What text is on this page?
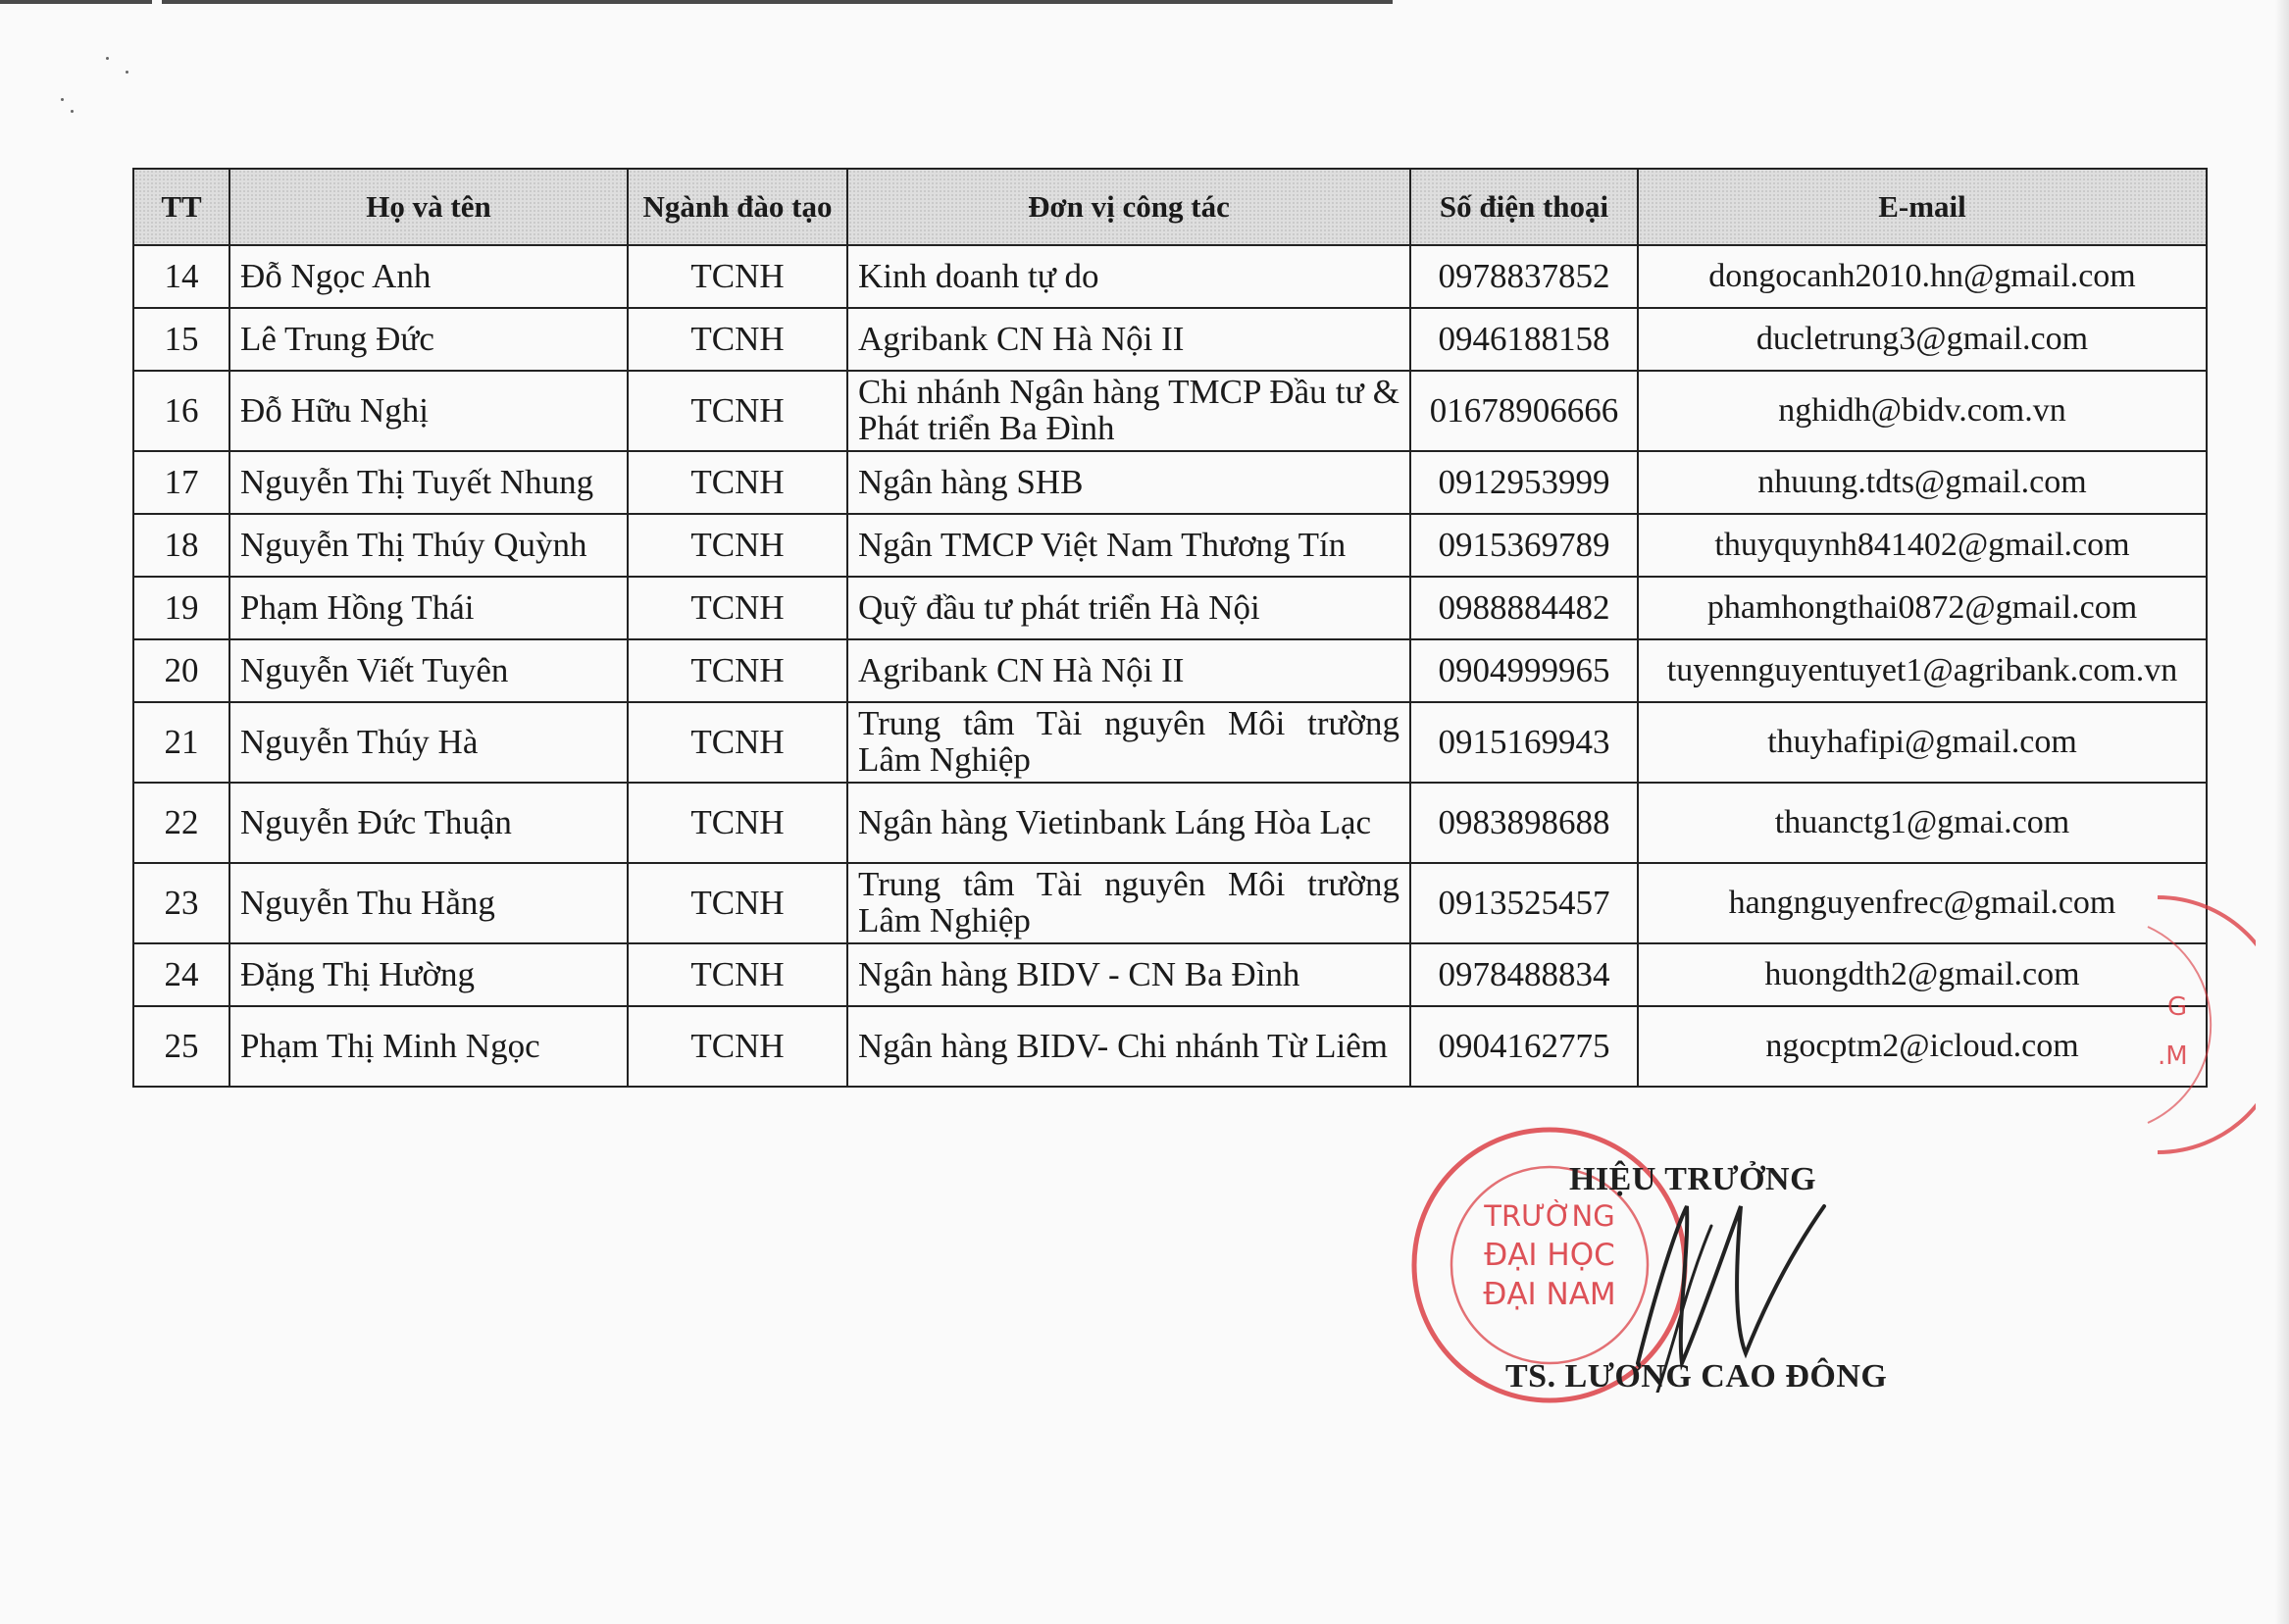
TT	Họ và tên	Ngành đào tạo	Đơn vị công tác	Số điện thoại	E-mail
14	Đỗ Ngọc Anh	TCNH	Kinh doanh tự do	0978837852	dongocanh2010.hn@gmail.com
15	Lê Trung Đức	TCNH	Agribank CN Hà Nội II	0946188158	ducletrung3@gmail.com
16	Đỗ Hữu Nghị	TCNH	Chi nhánh Ngân hàng TMCP Đầu tư & Phát triển Ba Đình	01678906666	nghidh@bidv.com.vn
17	Nguyễn Thị Tuyết Nhung	TCNH	Ngân hàng SHB	0912953999	nhuung.tdts@gmail.com
18	Nguyễn Thị Thúy Quỳnh	TCNH	Ngân TMCP Việt Nam Thương Tín	0915369789	thuyquynh841402@gmail.com
19	Phạm Hồng Thái	TCNH	Quỹ đầu tư phát triển Hà Nội	0988884482	phamhongthai0872@gmail.com
20	Nguyễn Viết Tuyên	TCNH	Agribank CN Hà Nội II	0904999965	tuyennguyentuyet1@agribank.com.vn
21	Nguyễn Thúy Hà	TCNH	Trung tâm Tài nguyên Môi trường Lâm Nghiệp	0915169943	thuyhafipi@gmail.com
22	Nguyễn Đức Thuận	TCNH	Ngân hàng Vietinbank Láng Hòa Lạc	0983898688	thuanctg1@gmai.com
23	Nguyễn Thu Hằng	TCNH	Trung tâm Tài nguyên Môi trường Lâm Nghiệp	0913525457	hangnguyenfrec@gmail.com
24	Đặng Thị Hường	TCNH	Ngân hàng BIDV - CN Ba Đình	0978488834	huongdth2@gmail.com
25	Phạm Thị Minh Ngọc	TCNH	Ngân hàng BIDV- Chi nhánh Từ Liêm	0904162775	ngocptm2@icloud.com
G
.M
TRƯỜNG
ĐẠI HỌC
ĐẠI NAM
HIỆU TRƯỞNG
TS. LƯƠNG CAO ĐÔNG
